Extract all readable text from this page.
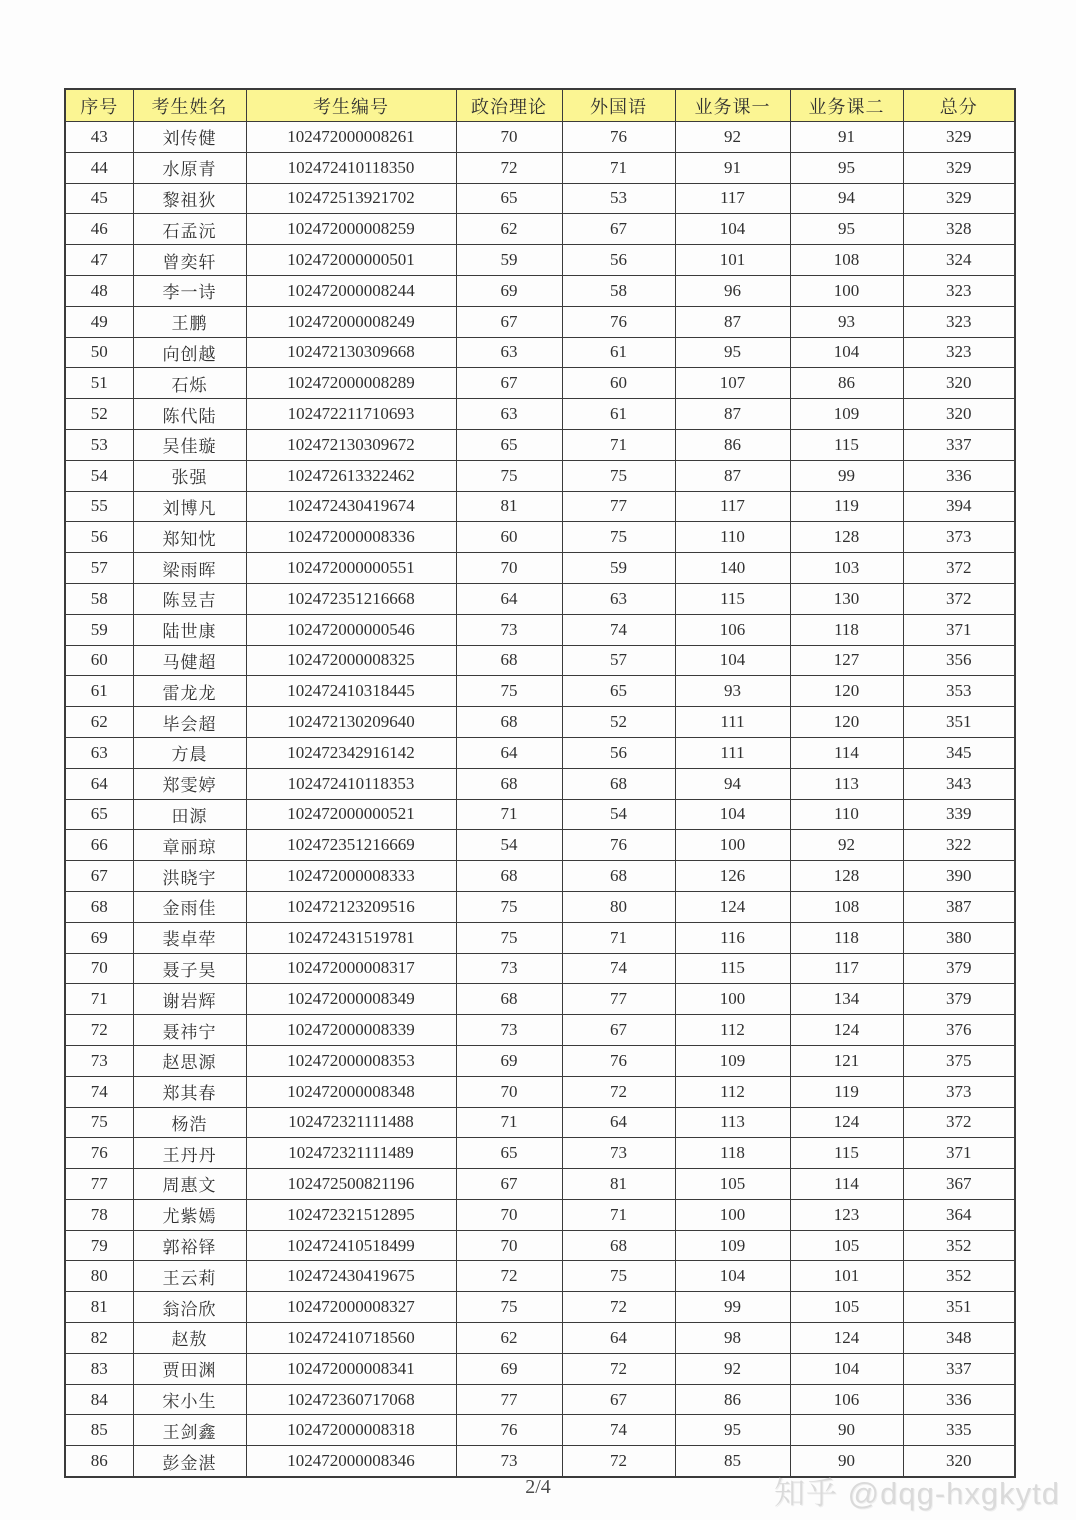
序号	考生姓名	考生编号	政治理论	外国语	业务课一	业务课二	总分
43	刘传健	102472000008261	70	76	92	91	329
44	水原青	102472410118350	72	71	91	95	329
45	黎祖狄	102472513921702	65	53	117	94	329
46	石孟沅	102472000008259	62	67	104	95	328
47	曾奕轩	102472000000501	59	56	101	108	324
48	李一诗	102472000008244	69	58	96	100	323
49	王鹏	102472000008249	67	76	87	93	323
50	向创越	102472130309668	63	61	95	104	323
51	石烁	102472000008289	67	60	107	86	320
52	陈代陆	102472211710693	63	61	87	109	320
53	吴佳璇	102472130309672	65	71	86	115	337
54	张强	102472613322462	75	75	87	99	336
55	刘博凡	102472430419674	81	77	117	119	394
56	郑知忱	102472000008336	60	75	110	128	373
57	梁雨晖	102472000000551	70	59	140	103	372
58	陈昱吉	102472351216668	64	63	115	130	372
59	陆世康	102472000000546	73	74	106	118	371
60	马健超	102472000008325	68	57	104	127	356
61	雷龙龙	102472410318445	75	65	93	120	353
62	毕会超	102472130209640	68	52	111	120	351
63	方晨	102472342916142	64	56	111	114	345
64	郑雯婷	102472410118353	68	68	94	113	343
65	田源	102472000000521	71	54	104	110	339
66	章丽琼	102472351216669	54	76	100	92	322
67	洪晓宇	102472000008333	68	68	126	128	390
68	金雨佳	102472123209516	75	80	124	108	387
69	裴卓荦	102472431519781	75	71	116	118	380
70	聂子昊	102472000008317	73	74	115	117	379
71	谢岩辉	102472000008349	68	77	100	134	379
72	聂祎宁	102472000008339	73	67	112	124	376
73	赵思源	102472000008353	69	76	109	121	375
74	郑其春	102472000008348	70	72	112	119	373
75	杨浩	102472321111488	71	64	113	124	372
76	王丹丹	102472321111489	65	73	118	115	371
77	周惠文	102472500821196	67	81	105	114	367
78	尤紫嫣	102472321512895	70	71	100	123	364
79	郭裕铎	102472410518499	70	68	109	105	352
80	王云莉	102472430419675	72	75	104	101	352
81	翁洽欣	102472000008327	75	72	99	105	351
82	赵敖	102472410718560	62	64	98	124	348
83	贾田渊	102472000008341	69	72	92	104	337
84	宋小生	102472360717068	77	67	86	106	336
85	王剑鑫	102472000008318	76	74	95	90	335
86	彭金湛	102472000008346	73	72	85	90	320
2/4	知乎 @dqg-hxgkytd
